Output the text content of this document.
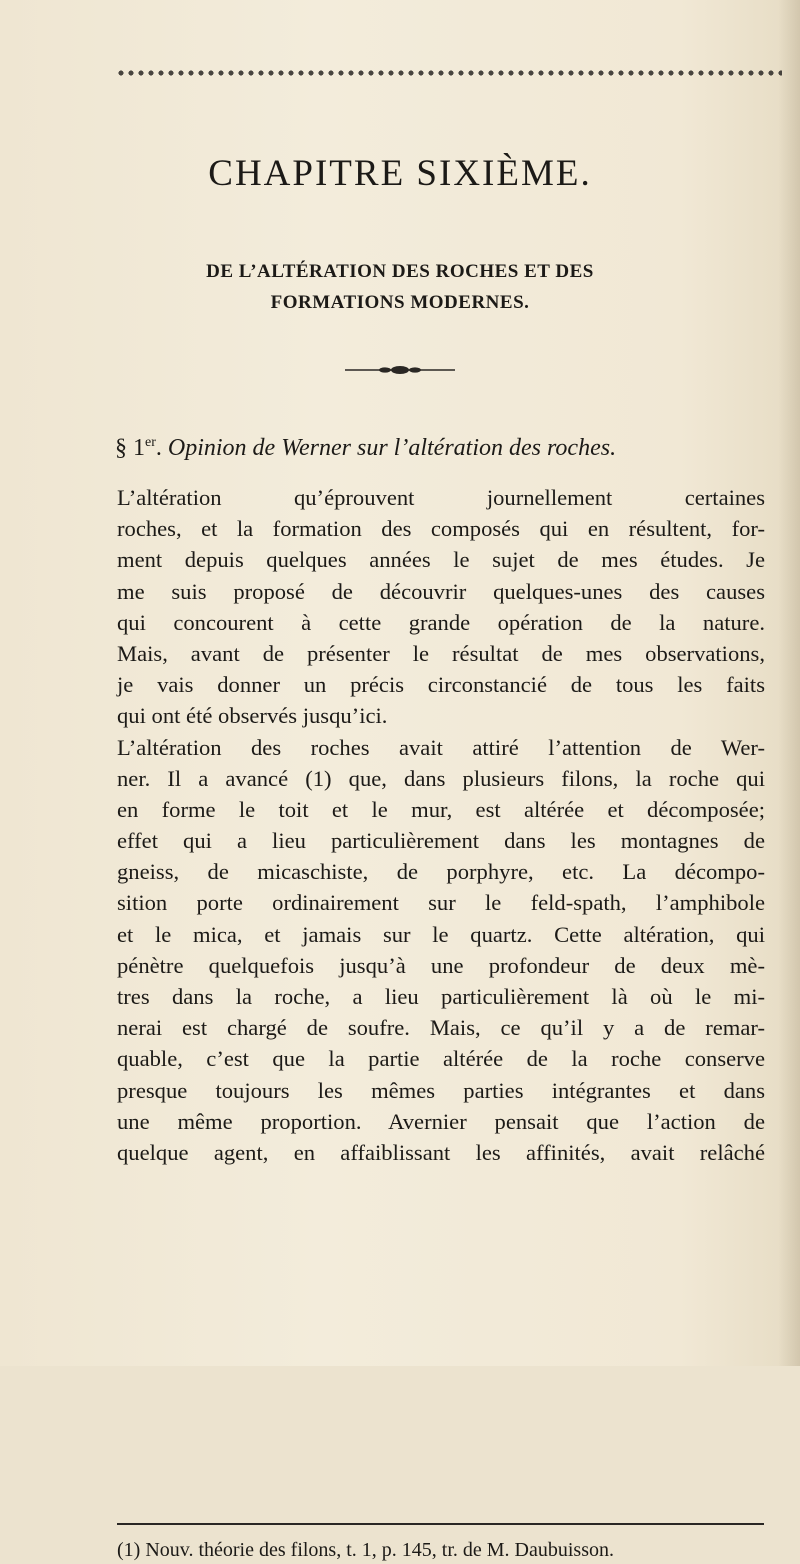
CHAPITRE SIXIÈME.
DE L’ALTÉRATION DES ROCHES ET DES
FORMATIONS MODERNES.
§ 1er. Opinion de Werner sur l’altération des roches.
L’altération qu’éprouvent journellement certaines
roches, et la formation des composés qui en résultent, for-
ment depuis quelques années le sujet de mes études. Je
me suis proposé de découvrir quelques-unes des causes
qui concourent à cette grande opération de la nature.
Mais, avant de présenter le résultat de mes observations,
je vais donner un précis circonstancié de tous les faits
qui ont été observés jusqu’ici.
L’altération des roches avait attiré l’attention de Wer-
ner. Il a avancé (1) que, dans plusieurs filons, la roche qui
en forme le toit et le mur, est altérée et décomposée;
effet qui a lieu particulièrement dans les montagnes de
gneiss, de micaschiste, de porphyre, etc. La décompo-
sition porte ordinairement sur le feld-spath, l’amphibole
et le mica, et jamais sur le quartz. Cette altération, qui
pénètre quelquefois jusqu’à une profondeur de deux mè-
tres dans la roche, a lieu particulièrement là où le mi-
nerai est chargé de soufre. Mais, ce qu’il y a de remar-
quable, c’est que la partie altérée de la roche conserve
presque toujours les mêmes parties intégrantes et dans
une même proportion. Avernier pensait que l’action de
quelque agent, en affaiblissant les affinités, avait relâché
(1) Nouv. théorie des filons, t. 1, p. 145, tr. de M. Daubuisson.
